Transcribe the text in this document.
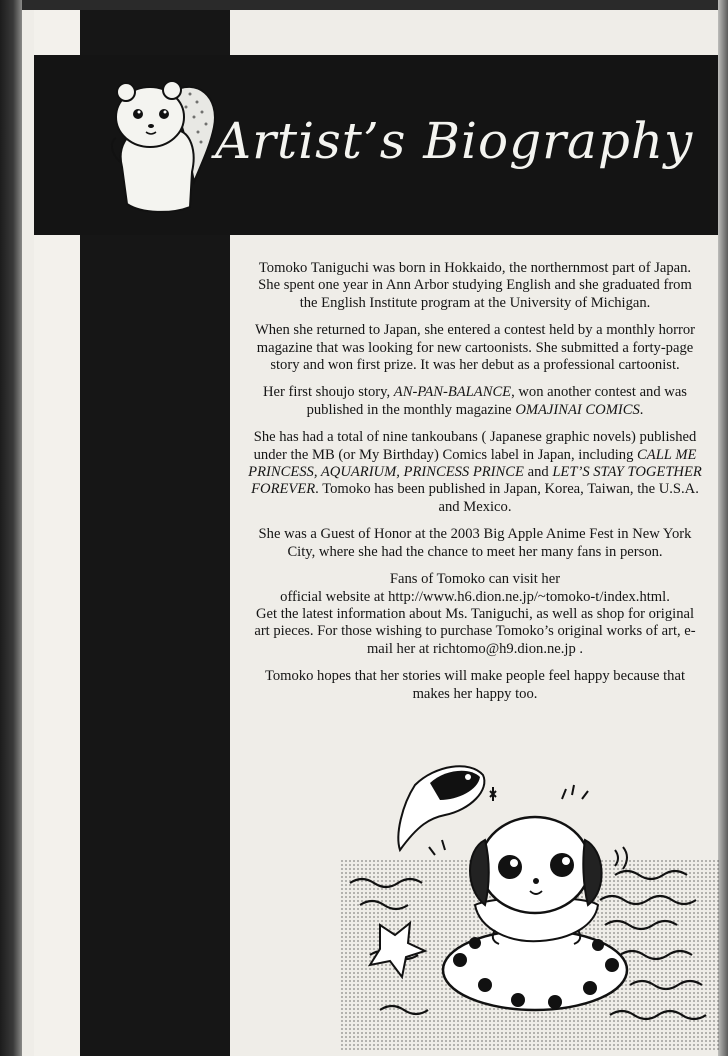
Artist’s Biography

Tomoko Taniguchi was born in Hokkaido, the northernmost part of Japan. She spent one year in Ann Arbor studying English and she graduated from the English Institute program at the University of Michigan.

When she returned to Japan, she entered a contest held by a monthly horror magazine that was looking for new cartoonists. She submitted a forty-page story and won first prize. It was her debut as a professional cartoonist.

Her first shoujo story, AN-PAN-BALANCE, won another contest and was published in the monthly magazine OMAJINAI COMICS.

She has had a total of nine tankoubans ( Japanese graphic novels) published under the MB (or My Birthday) Comics label in Japan, including CALL ME PRINCESS, AQUARIUM, PRINCESS PRINCE and LET’S STAY TOGETHER FOREVER. Tomoko has been published in Japan, Korea, Taiwan, the U.S.A. and Mexico.

She was a Guest of Honor at the 2003 Big Apple Anime Fest in New York City, where she had the chance to meet her many fans in person.

Fans of Tomoko can visit her
official website at http://www.h6.dion.ne.jp/~tomoko-t/index.html.
Get the latest information about Ms. Taniguchi, as well as shop for original art pieces. For those wishing to purchase Tomoko’s original works of art, e-mail her at richtomo@h9.dion.ne.jp .

Tomoko hopes that her stories will make people feel happy because that makes her happy too.
